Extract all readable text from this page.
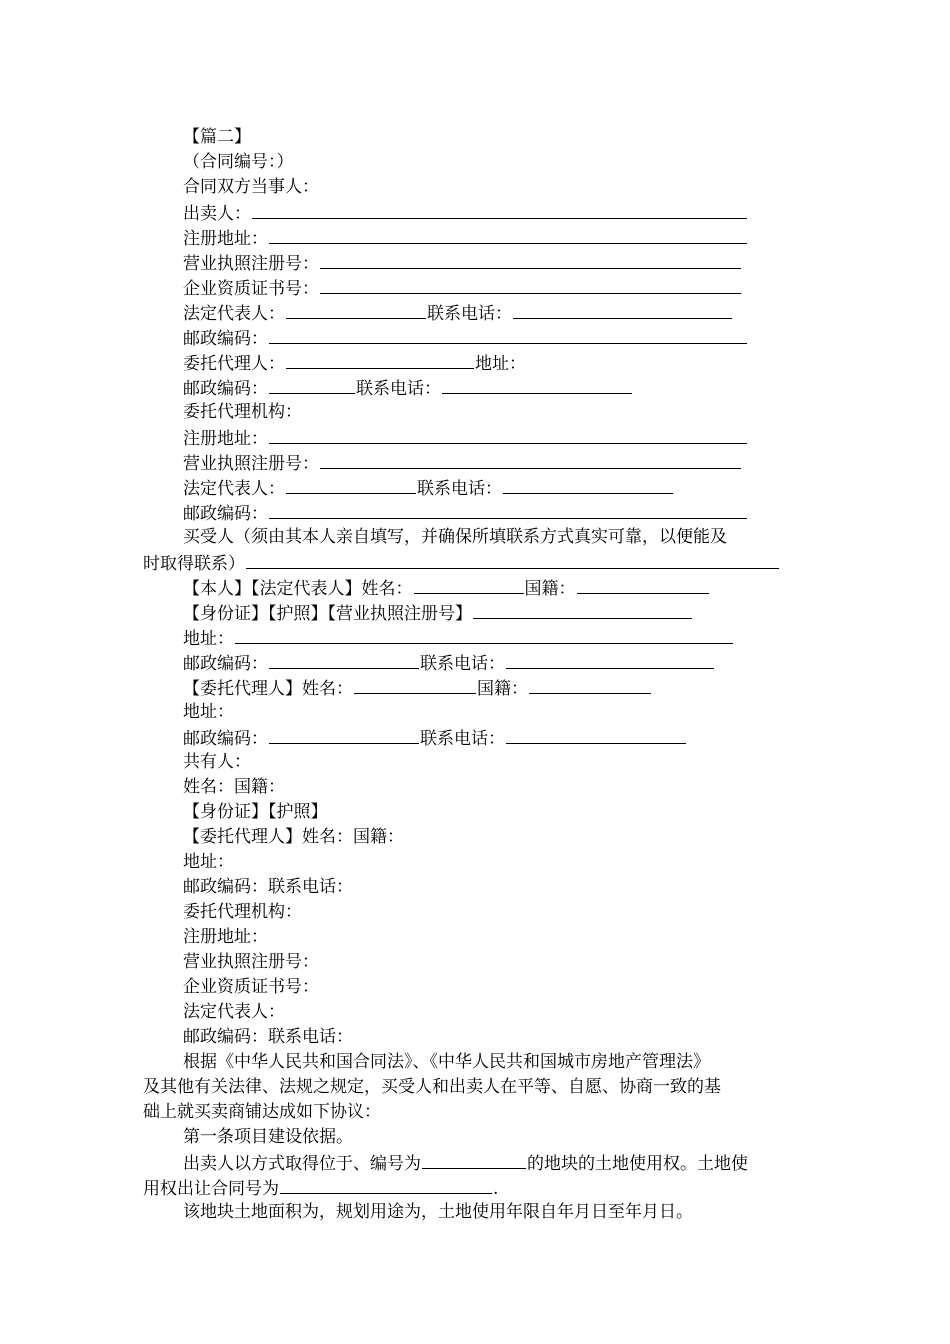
【篇二】
（合同编号：）
合同双方当事人：
出卖人：
注册地址：
营业执照注册号：
企业资质证书号：
法定代表人：	联系电话：
邮政编码：
委托代理人：	地址：
邮政编码：	联系电话：
委托代理机构：
注册地址：
营业执照注册号：
法定代表人：	联系电话：
邮政编码：
买受人（须由其本人亲自填写，并确保所填联系方式真实可靠，以便能及
时取得联系）
【本人】【法定代表人】姓名：	国籍：
【身份证】【护照】【营业执照注册号】
地址：
邮政编码：	联系电话：
【委托代理人】姓名：	国籍：
地址：
邮政编码：	联系电话：
共有人：
姓名：国籍：
【身份证】【护照】
【委托代理人】姓名：国籍：
地址：
邮政编码：联系电话：
委托代理机构：
注册地址：
营业执照注册号：
企业资质证书号：
法定代表人：
邮政编码：联系电话：
根据《中华人民共和国合同法》、《中华人民共和国城市房地产管理法》
及其他有关法律、法规之规定，买受人和出卖人在平等、自愿、协商一致的基
础上就买卖商铺达成如下协议：
第一条项目建设依据。
出卖人以方式取得位于、编号为	的地块的土地使用权。土地使
用权出让合同号为	.
该地块土地面积为，规划用途为，土地使用年限自年月日至年月日。
